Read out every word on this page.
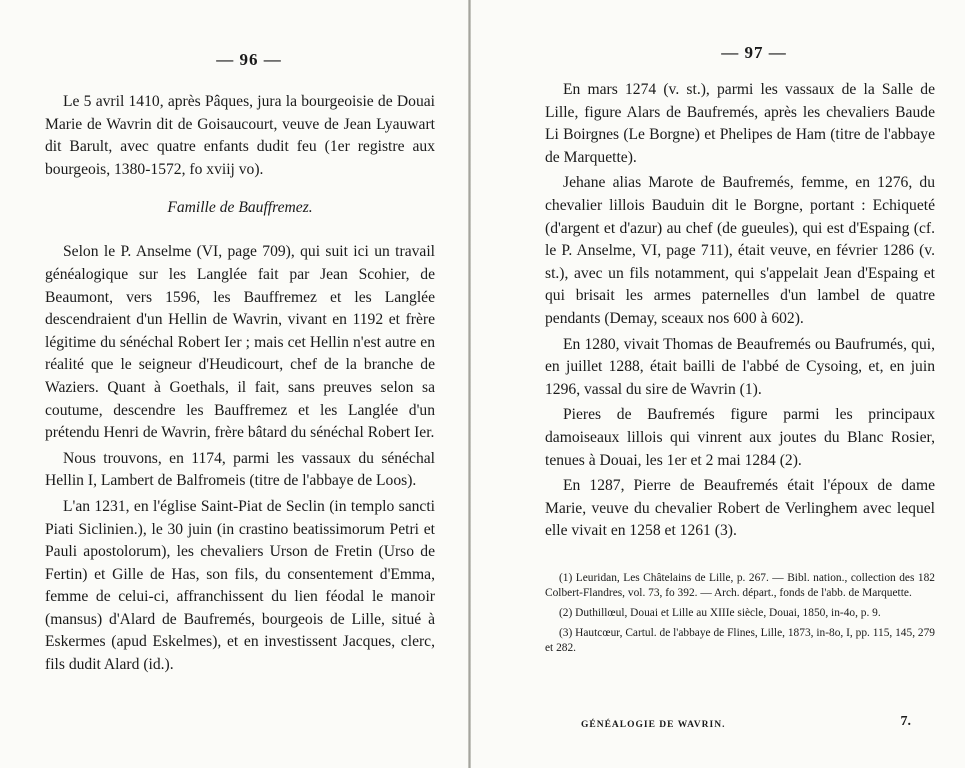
— 96 —

Le 5 avril 1410, après Pâques, jura la bourgeoisie de Douai Marie de Wavrin dit de Goisaucourt, veuve de Jean Lyauwart dit Barult, avec quatre enfants dudit feu (1er registre aux bourgeois, 1380-1572, fo xviij vo).

Famille de Bauffremez.

Selon le P. Anselme (VI, page 709), qui suit ici un travail généalogique sur les Langlée fait par Jean Scohier, de Beaumont, vers 1596, les Bauffremez et les Langlée descendraient d'un Hellin de Wavrin, vivant en 1192 et frère légitime du sénéchal Robert Ier ; mais cet Hellin n'est autre en réalité que le seigneur d'Heudicourt, chef de la branche de Waziers. Quant à Goethals, il fait, sans preuves selon sa coutume, descendre les Bauffremez et les Langlée d'un prétendu Henri de Wavrin, frère bâtard du sénéchal Robert Ier.

Nous trouvons, en 1174, parmi les vassaux du sénéchal Hellin I, Lambert de Balfromeis (titre de l'abbaye de Loos).

L'an 1231, en l'église Saint-Piat de Seclin (in templo sancti Piati Siclinien.), le 30 juin (in crastino beatissimorum Petri et Pauli apostolorum), les chevaliers Urson de Fretin (Urso de Fertin) et Gille de Has, son fils, du consentement d'Emma, femme de celui-ci, affranchissent du lien féodal le manoir (mansus) d'Alard de Baufremés, bourgeois de Lille, situé à Eskermes (apud Eskelmes), et en investissent Jacques, clerc, fils dudit Alard (id.).

— 97 —

En mars 1274 (v. st.), parmi les vassaux de la Salle de Lille, figure Alars de Baufremés, après les chevaliers Baude Li Boirgnes (Le Borgne) et Phelipes de Ham (titre de l'abbaye de Marquette).

Jehane alias Marote de Baufremés, femme, en 1276, du chevalier lillois Bauduin dit le Borgne, portant : Echiqueté (d'argent et d'azur) au chef (de gueules), qui est d'Espaing (cf. le P. Anselme, VI, page 711), était veuve, en février 1286 (v. st.), avec un fils notamment, qui s'appelait Jean d'Espaing et qui brisait les armes paternelles d'un lambel de quatre pendants (Demay, sceaux nos 600 à 602).

En 1280, vivait Thomas de Beaufremés ou Baufrumés, qui, en juillet 1288, était bailli de l'abbé de Cysoing, et, en juin 1296, vassal du sire de Wavrin (1).

Pieres de Baufremés figure parmi les principaux damoiseaux lillois qui vinrent aux joutes du Blanc Rosier, tenues à Douai, les 1er et 2 mai 1284 (2).

En 1287, Pierre de Beaufremés était l'époux de dame Marie, veuve du chevalier Robert de Verlinghem avec lequel elle vivait en 1258 et 1261 (3).

(1) Leuridan, Les Châtelains de Lille, p. 267. — Bibl. nation., collection des 182 Colbert-Flandres, vol. 73, fo 392. — Arch. départ., fonds de l'abb. de Marquette.

(2) Duthillœul, Douai et Lille au XIIIe siècle, Douai, 1850, in-4o, p. 9.

(3) Hautcœur, Cartul. de l'abbaye de Flines, Lille, 1873, in-8o, I, pp. 115, 145, 279 et 282.

GÉNÉALOGIE DE WAVRIN.	7.
